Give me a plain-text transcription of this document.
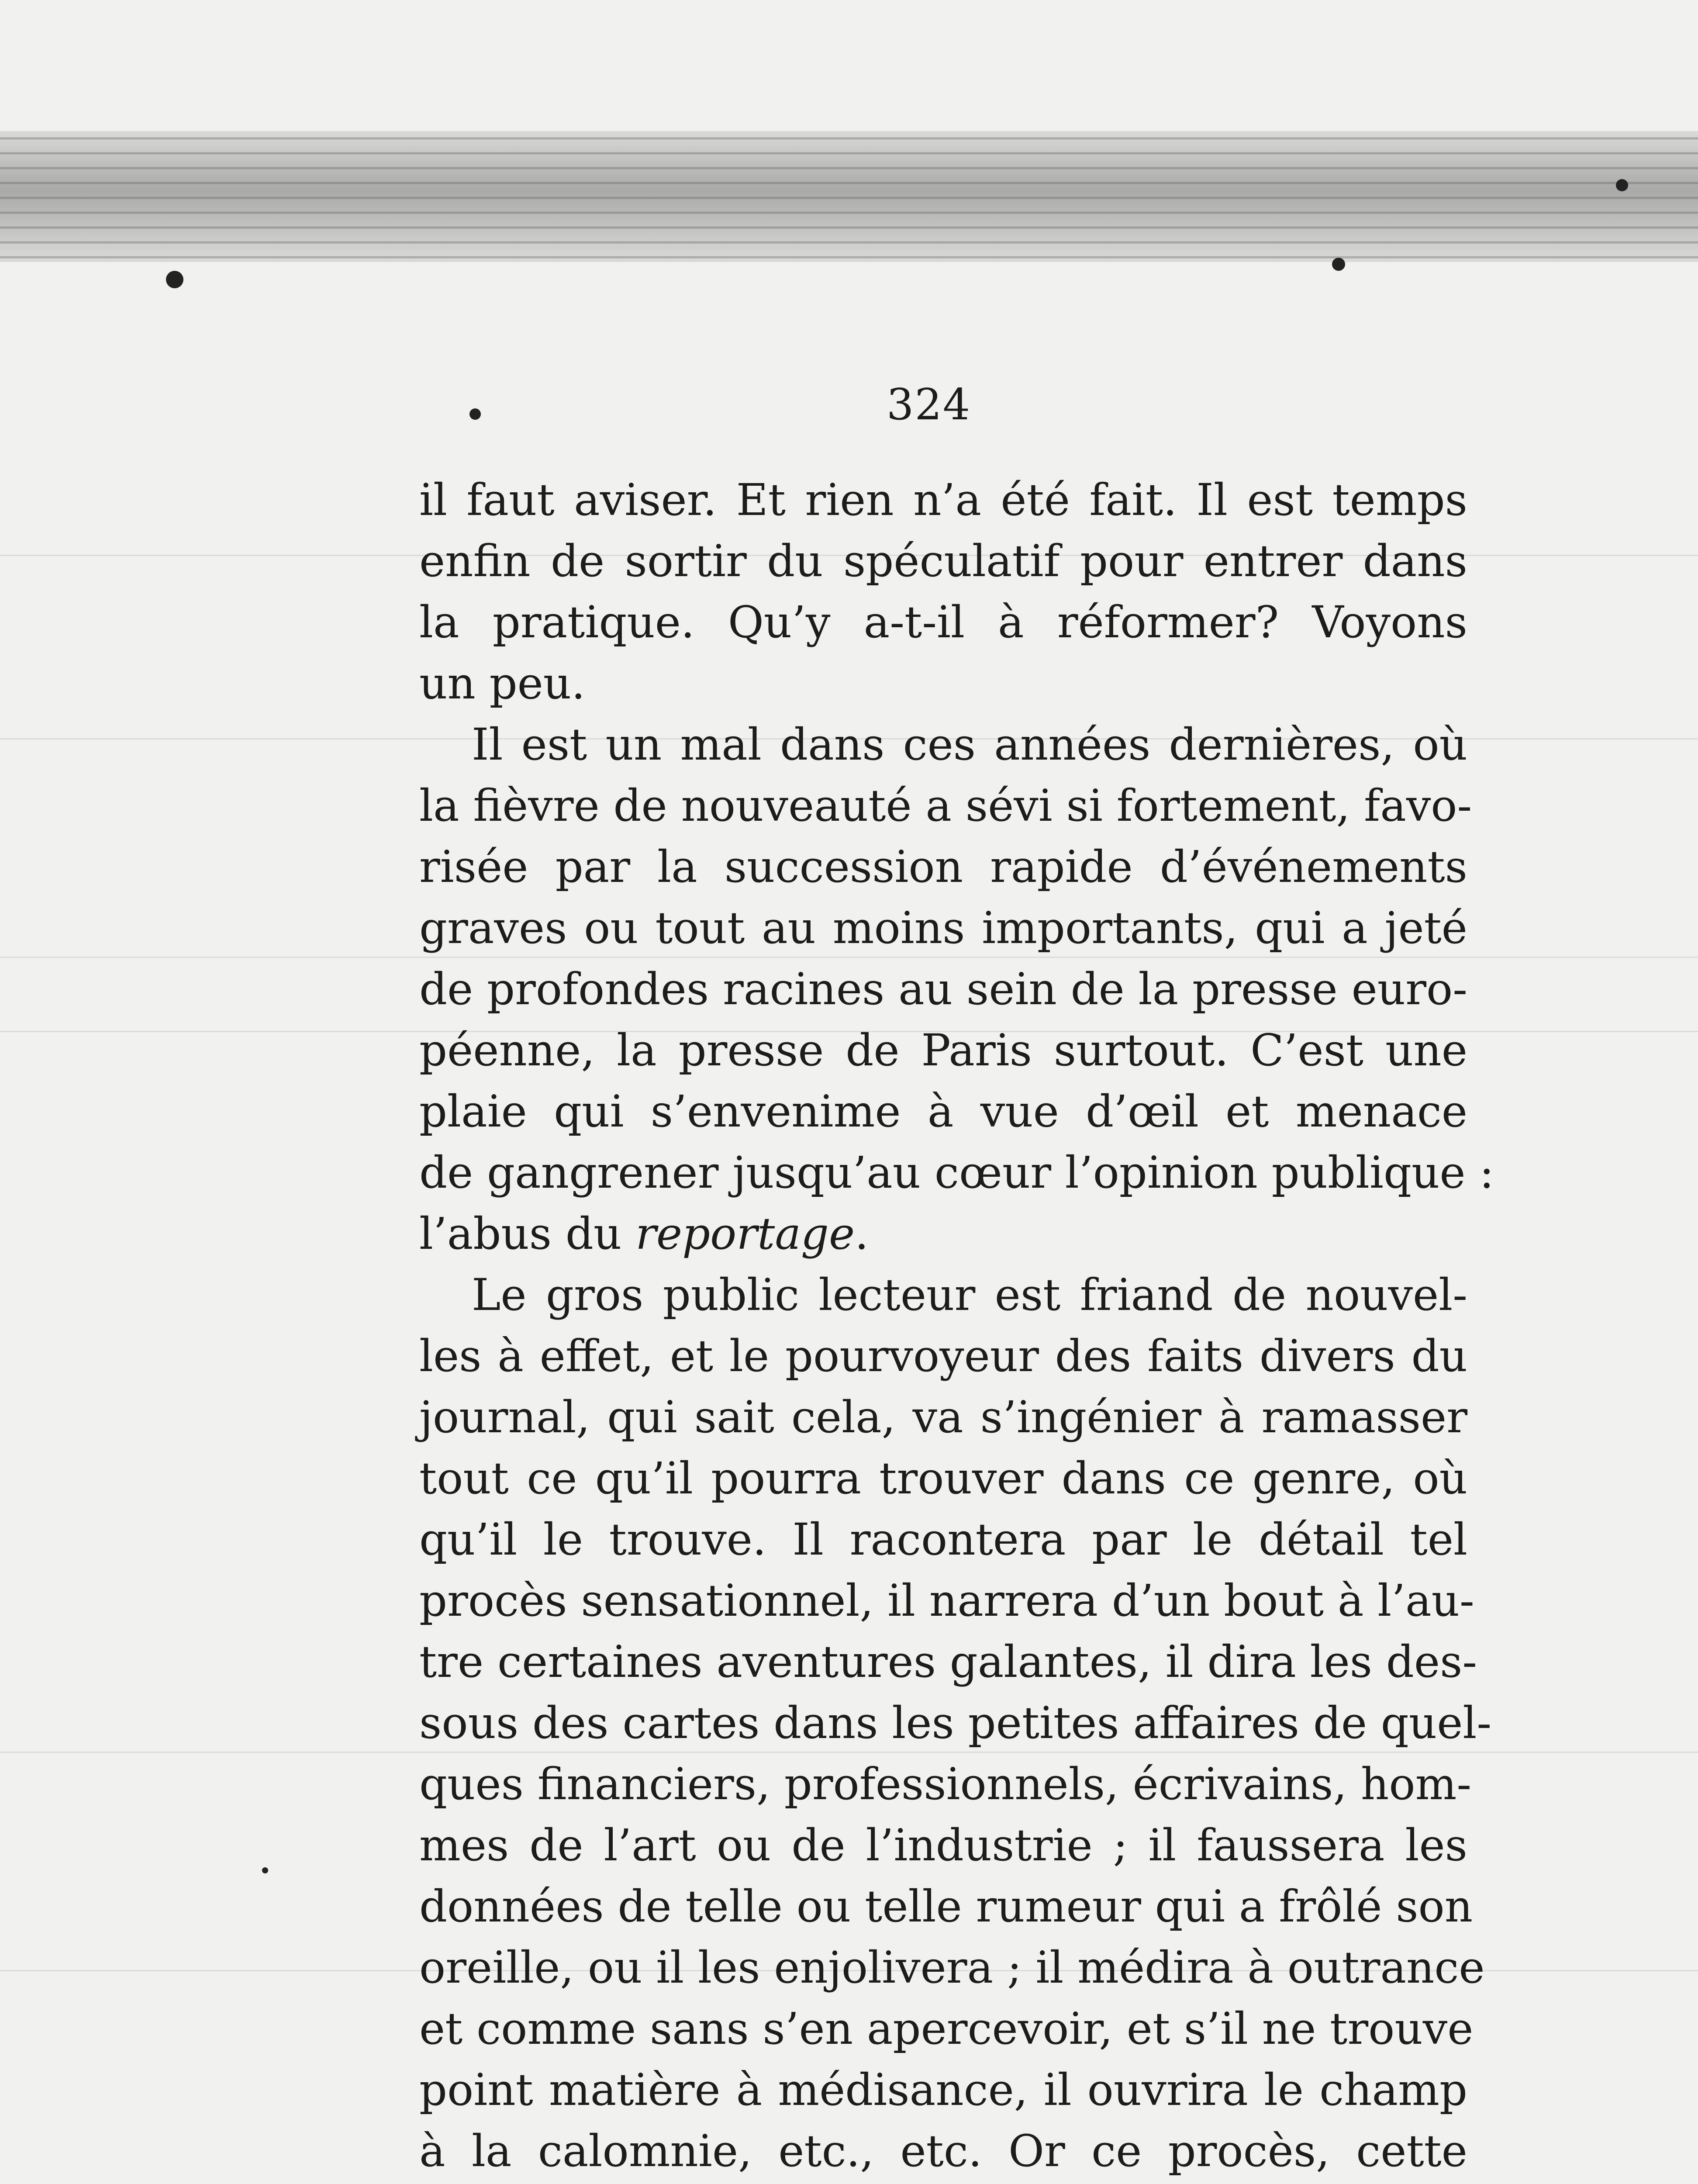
324
il faut aviser. Et rien n’a été fait. Il est temps
enfin de sortir du spéculatif pour entrer dans
la pratique. Qu’y a-t-il à réformer? Voyons
un peu.
Il est un mal dans ces années dernières, où
la fièvre de nouveauté a sévi si fortement, favo-
risée par la succession rapide d’événements
graves ou tout au moins importants, qui a jeté
de profondes racines au sein de la presse euro-
péenne, la presse de Paris surtout. C’est une
plaie qui s’envenime à vue d’œil et menace
de gangrener jusqu’au cœur l’opinion publique :
l’abus du reportage.
Le gros public lecteur est friand de nouvel-
les à effet, et le pourvoyeur des faits divers du
journal, qui sait cela, va s’ingénier à ramasser
tout ce qu’il pourra trouver dans ce genre, où
qu’il le trouve. Il racontera par le détail tel
procès sensationnel, il narrera d’un bout à l’au-
tre certaines aventures galantes, il dira les des-
sous des cartes dans les petites affaires de quel-
ques financiers, professionnels, écrivains, hom-
mes de l’art ou de l’industrie ; il faussera les
données de telle ou telle rumeur qui a frôlé son
oreille, ou il les enjolivera ; il médira à outrance
et comme sans s’en apercevoir, et s’il ne trouve
point matière à médisance, il ouvrira le champ
à la calomnie, etc., etc. Or ce procès, cette
